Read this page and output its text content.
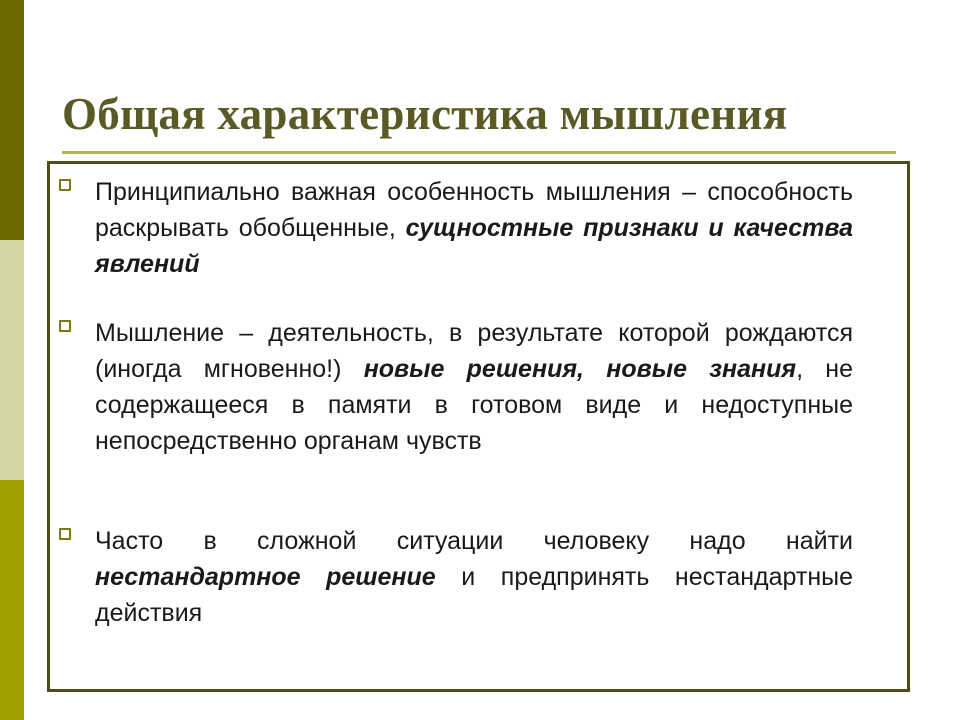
Общая характеристика мышления
Принципиально важная особенность мышления – способность раскрывать обобщенные, сущностные признаки и качества явлений
Мышление – деятельность, в результате которой рождаются (иногда мгновенно!) новые решения, новые знания, не содержащееся в памяти в готовом виде и недоступные непосредственно органам чувств
Часто в сложной ситуации человеку надо найти нестандартное решение и предпринять нестандартные действия
